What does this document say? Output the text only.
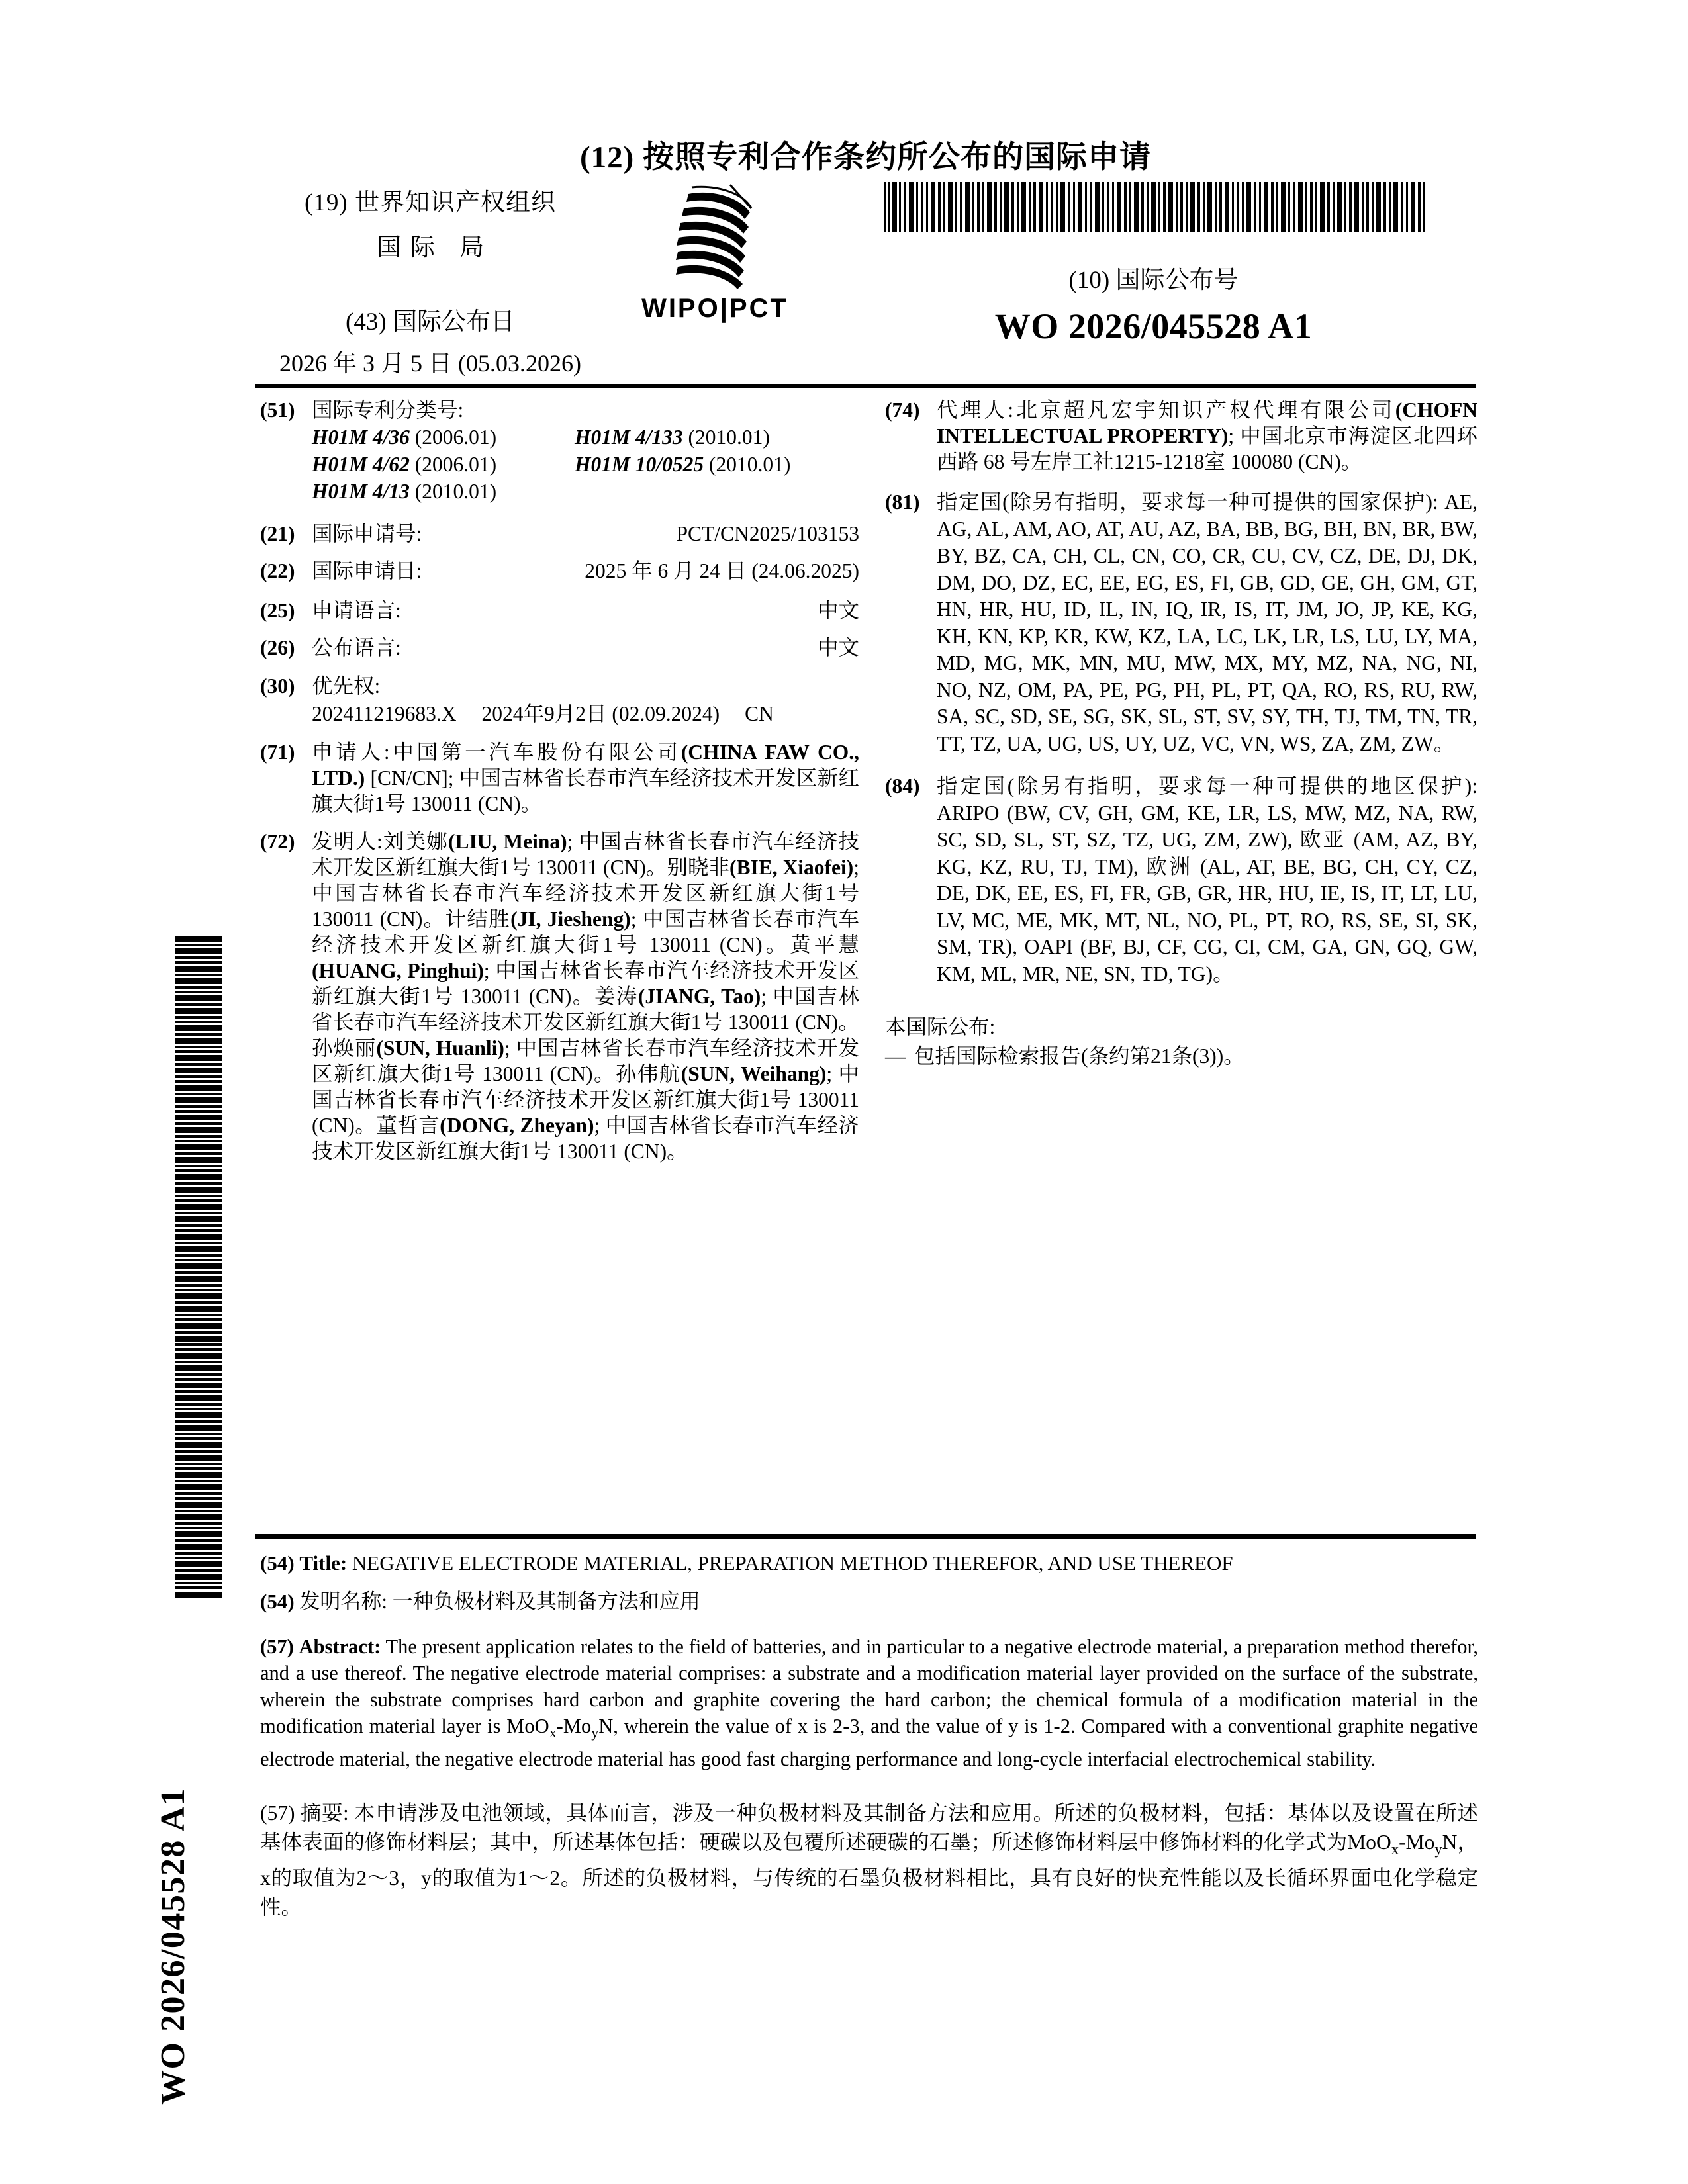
(12) 按照专利合作条约所公布的国际申请
(19) 世界知识产权组织
国际 局
(43) 国际公布日
2026 年 3 月 5 日 (05.03.2026)
WIPO|PCT
(10) 国际公布号
WO 2026/045528 A1
(51) 国际专利分类号:
H01M 4/36 (2006.01)	H01M 4/133 (2010.01)
H01M 4/62 (2006.01)	H01M 10/0525 (2010.01)
H01M 4/13 (2010.01)	
(21) 国际申请号:	PCT/CN2025/103153
(22) 国际申请日:	2025 年 6 月 24 日 (24.06.2025)
(25) 申请语言:	中文
(26) 公布语言:	中文
(30) 优先权:
202411219683.X 2024年9月2日 (02.09.2024) CN
(71) 申请人:中国第一汽车股份有限公司(CHINA FAW CO., LTD.) [CN/CN]; 中国吉林省长春市汽车经济技术开发区新红旗大街1号 130011 (CN)。
(72) 发明人:刘美娜(LIU, Meina); 中国吉林省长春市汽车经济技术开发区新红旗大街1号 130011 (CN)。别晓非(BIE, Xiaofei); 中国吉林省长春市汽车经济技术开发区新红旗大街1号 130011 (CN)。计结胜(JI, Jiesheng); 中国吉林省长春市汽车经济技术开发区新红旗大街1号 130011 (CN)。黄平慧(HUANG, Pinghui); 中国吉林省长春市汽车经济技术开发区新红旗大街1号 130011 (CN)。姜涛(JIANG, Tao); 中国吉林省长春市汽车经济技术开发区新红旗大街1号 130011 (CN)。孙焕丽(SUN, Huanli); 中国吉林省长春市汽车经济技术开发区新红旗大街1号 130011 (CN)。孙伟航(SUN, Weihang); 中国吉林省长春市汽车经济技术开发区新红旗大街1号 130011 (CN)。董哲言(DONG, Zheyan); 中国吉林省长春市汽车经济技术开发区新红旗大街1号 130011 (CN)。
(74) 代理人:北京超凡宏宇知识产权代理有限公司(CHOFN INTELLECTUAL PROPERTY); 中国北京市海淀区北四环西路 68 号左岸工社1215-1218室 100080 (CN)。
(81) 指定国(除另有指明，要求每一种可提供的国家保护): AE, AG, AL, AM, AO, AT, AU, AZ, BA, BB, BG, BH, BN, BR, BW, BY, BZ, CA, CH, CL, CN, CO, CR, CU, CV, CZ, DE, DJ, DK, DM, DO, DZ, EC, EE, EG, ES, FI, GB, GD, GE, GH, GM, GT, HN, HR, HU, ID, IL, IN, IQ, IR, IS, IT, JM, JO, JP, KE, KG, KH, KN, KP, KR, KW, KZ, LA, LC, LK, LR, LS, LU, LY, MA, MD, MG, MK, MN, MU, MW, MX, MY, MZ, NA, NG, NI, NO, NZ, OM, PA, PE, PG, PH, PL, PT, QA, RO, RS, RU, RW, SA, SC, SD, SE, SG, SK, SL, ST, SV, SY, TH, TJ, TM, TN, TR, TT, TZ, UA, UG, US, UY, UZ, VC, VN, WS, ZA, ZM, ZW。
(84) 指定国(除另有指明，要求每一种可提供的地区保护): ARIPO (BW, CV, GH, GM, KE, LR, LS, MW, MZ, NA, RW, SC, SD, SL, ST, SZ, TZ, UG, ZM, ZW), 欧亚 (AM, AZ, BY, KG, KZ, RU, TJ, TM), 欧洲 (AL, AT, BE, BG, CH, CY, CZ, DE, DK, EE, ES, FI, FR, GB, GR, HR, HU, IE, IS, IT, LT, LU, LV, MC, ME, MK, MT, NL, NO, PL, PT, RO, RS, SE, SI, SK, SM, TR), OAPI (BF, BJ, CF, CG, CI, CM, GA, GN, GQ, GW, KM, ML, MR, NE, SN, TD, TG)。
本国际公布:
— 包括国际检索报告(条约第21条(3))。
(54) Title: NEGATIVE ELECTRODE MATERIAL, PREPARATION METHOD THEREFOR, AND USE THEREOF
(54) 发明名称: 一种负极材料及其制备方法和应用
(57) Abstract: The present application relates to the field of batteries, and in particular to a negative electrode material, a preparation method therefor, and a use thereof. The negative electrode material comprises: a substrate and a modification material layer provided on the surface of the substrate, wherein the substrate comprises hard carbon and graphite covering the hard carbon; the chemical formula of a modification material in the modification material layer is $MoO_x-Mo_yN$, wherein the value of x is 2-3, and the value of y is 1-2. Compared with a conventional graphite negative electrode material, the negative electrode material has good fast charging performance and long-cycle interfacial electrochemical stability.
(57) 摘要: 本申请涉及电池领域，具体而言，涉及一种负极材料及其制备方法和应用。所述的负极材料，包括：基体以及设置在所述基体表面的修饰材料层；其中，所述基体包括：硬碳以及包覆所述硬碳的石墨；所述修饰材料层中修饰材料的化学式为$MoO_x-Mo_yN$，x的取值为2～3，y的取值为1～2。所述的负极材料，与传统的石墨负极材料相比，具有良好的快充性能以及长循环界面电化学稳定性。
WO 2026/045528 A1
